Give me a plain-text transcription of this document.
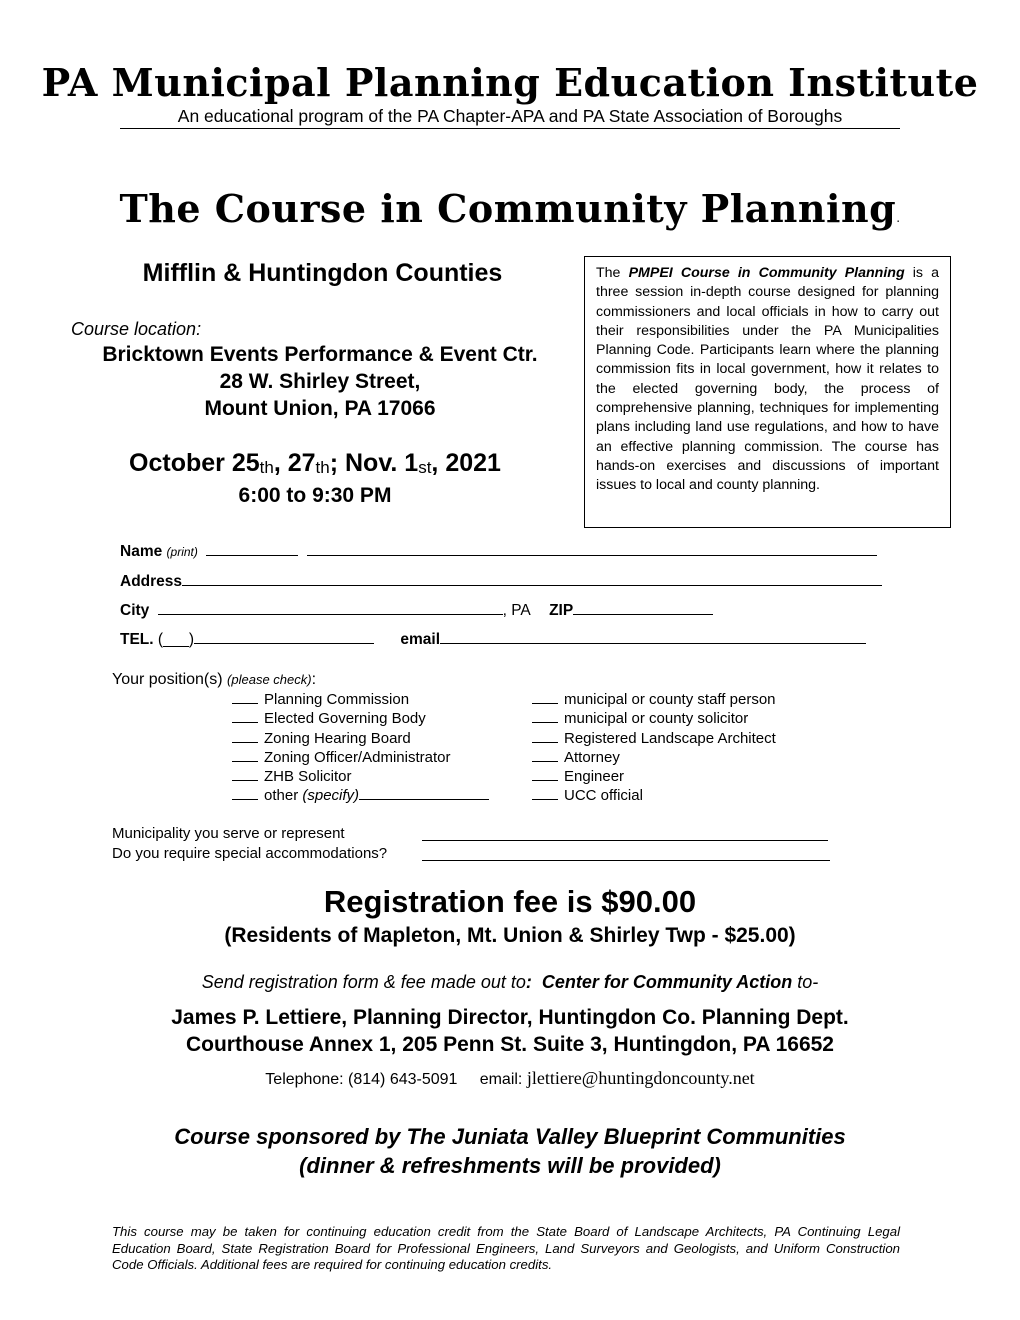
PA Municipal Planning Education Institute
An educational program of the PA Chapter-APA and PA State Association of Boroughs
The Course in Community Planning.
Mifflin & Huntingdon Counties
Course location:
Bricktown Events Performance & Event Ctr.
28 W. Shirley Street,
Mount Union, PA 17066
October 25th, 27th; Nov. 1st, 2021
6:00 to 9:30 PM
The PMPEI Course in Community Planning is a three session in-depth course designed for planning commissioners and local officials in how to carry out their responsibilities under the PA Municipalities Planning Code. Participants learn where the planning commission fits in local government, how it relates to the elected governing body, the process of comprehensive planning, techniques for implementing plans including land use regulations, and how to have an effective planning commission. The course has hands-on exercises and discussions of important issues to local and county planning.
Name (print)
Address
City	, PA ZIP
TEL. (___)	email
Your position(s) (please check):
Planning Commission
Elected Governing Body
Zoning Hearing Board
Zoning Officer/Administrator
ZHB Solicitor
other (specify)
municipal or county staff person
municipal or county solicitor
Registered Landscape Architect
Attorney
Engineer
UCC official
Municipality you serve or represent
Do you require special accommodations?
Registration fee is $90.00
(Residents of Mapleton, Mt. Union & Shirley Twp - $25.00)
Send registration form & fee made out to: Center for Community Action to-
James P. Lettiere, Planning Director, Huntingdon Co. Planning Dept.
Courthouse Annex 1, 205 Penn St. Suite 3, Huntingdon, PA 16652
Telephone: (814) 643-5091 email: jlettiere@huntingdoncounty.net
Course sponsored by The Juniata Valley Blueprint Communities
(dinner & refreshments will be provided)
This course may be taken for continuing education credit from the State Board of Landscape Architects, PA Continuing Legal Education Board, State Registration Board for Professional Engineers, Land Surveyors and Geologists, and Uniform Construction Code Officials. Additional fees are required for continuing education credits.
